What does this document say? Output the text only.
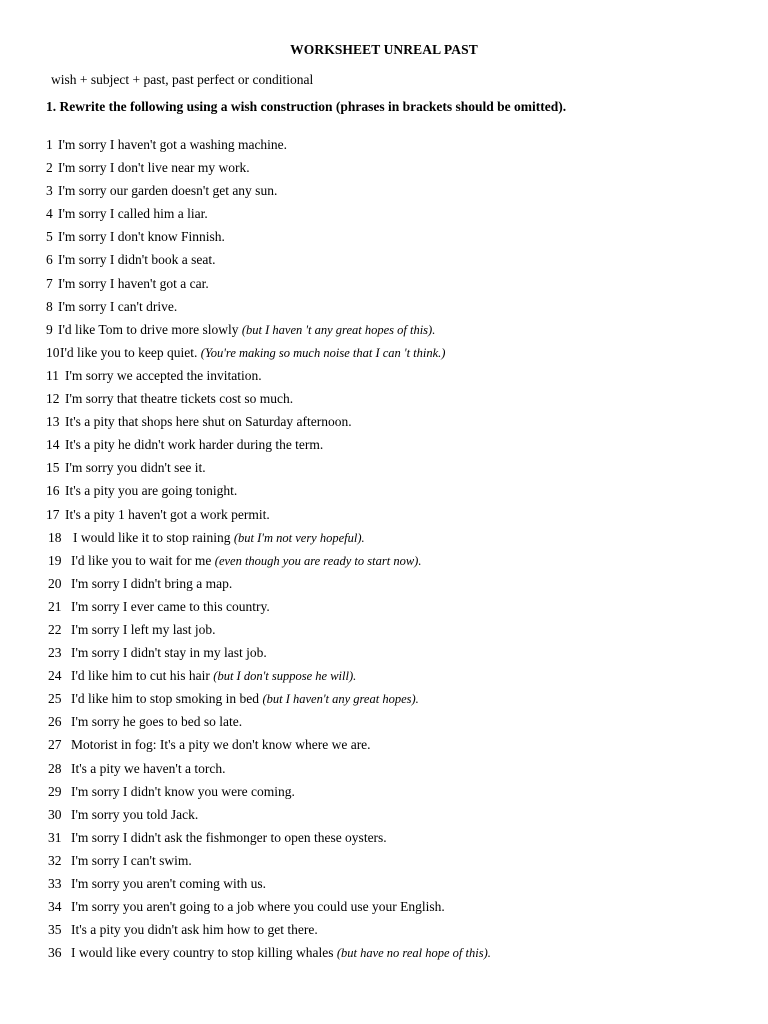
WORKSHEET UNREAL PAST
wish + subject + past, past perfect or conditional
1. Rewrite the following using a wish construction (phrases in brackets should be omitted).
1 I'm sorry I haven't got a washing machine.
2 I'm sorry I don't live near my work.
3 I'm sorry our garden doesn't get any sun.
4 I'm sorry I called him a liar.
5 I'm sorry I don't know Finnish.
6 I'm sorry I didn't book a seat.
7 I'm sorry I haven't got a car.
8 I'm sorry I can't drive.
9 I'd like Tom to drive more slowly (but I haven 't any great hopes of this).
10 I'd like you to keep quiet. (You're making so much noise that I can 't think.)
11 I'm sorry we accepted the invitation.
12 I'm sorry that theatre tickets cost so much.
13 It's a pity that shops here shut on Saturday afternoon.
14 It's a pity he didn't work harder during the term.
15 I'm sorry you didn't see it.
16 It's a pity you are going tonight.
17 It's a pity 1 haven't got a work permit.
18 I would like it to stop raining (but I'm not very hopeful).
19 I'd like you to wait for me (even though you are ready to start now).
20 I'm sorry I didn't bring a map.
21 I'm sorry I ever came to this country.
22 I'm sorry I left my last job.
23 I'm sorry I didn't stay in my last job.
24 I'd like him to cut his hair (but I don't suppose he will).
25 I'd like him to stop smoking in bed (but I haven't any great hopes).
26 I'm sorry he goes to bed so late.
27 Motorist in fog: It's a pity we don't know where we are.
28 It's a pity we haven't a torch.
29 I'm sorry I didn't know you were coming.
30 I'm sorry you told Jack.
31 I'm sorry I didn't ask the fishmonger to open these oysters.
32 I'm sorry I can't swim.
33 I'm sorry you aren't coming with us.
34 I'm sorry you aren't going to a job where you could use your English.
35 It's a pity you didn't ask him how to get there.
36 I would like every country to stop killing whales (but have no real hope of this).
